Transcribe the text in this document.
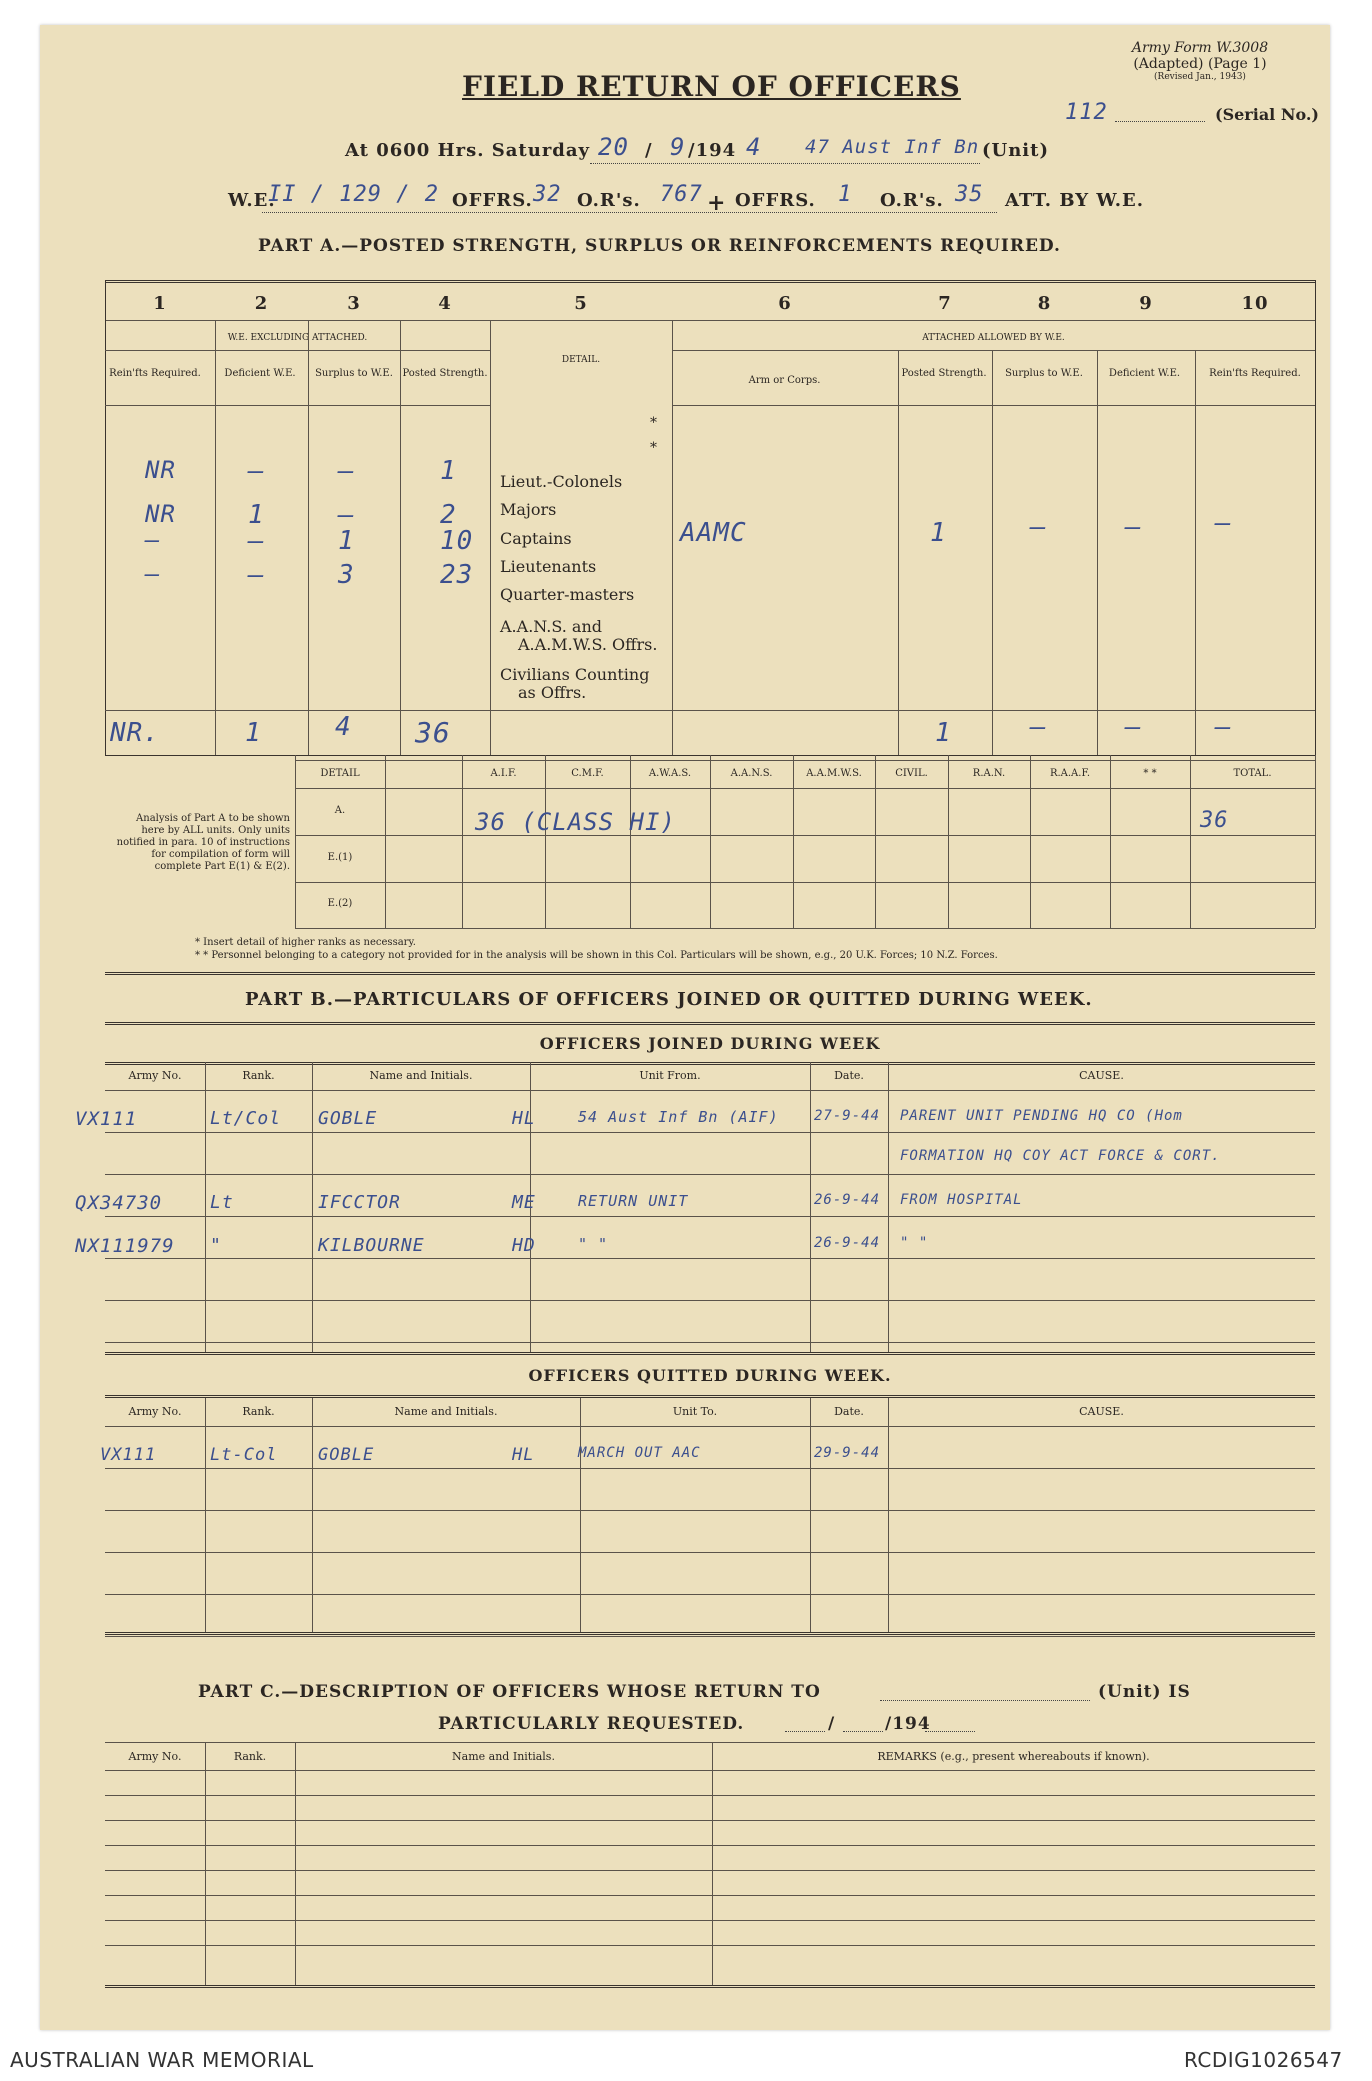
Army Form W.3008
(Adapted) (Page 1)
(Revised Jan., 1943)
112	(Serial No.)
FIELD RETURN OF OFFICERS
At 0600 Hrs. Saturday 20 / 9 /194 4 47 Aust Inf Bn (Unit)
W.E.
II / 129 / 2 OFFRS. 32 O.R's. 767 + OFFRS. 1 O.R's. 35 ATT. BY W.E.
PART A.—POSTED STRENGTH, SURPLUS OR REINFORCEMENTS REQUIRED.
1	2	3	4	5	6	7	8	9	10
W.E. EXCLUDING ATTACHED.	ATTACHED ALLOWED BY W.E.
DETAIL.
Rein'fts Required.	Deficient W.E.	Surplus to W.E. Posted Strength.
Arm or Corps.
Posted Strength.	Surplus to W.E.	Deficient W.E.	Rein'fts Required.
*
*
Lieut.-Colonels
Majors
Captains
Lieutenants
Quarter-masters
A.A.N.S. and
A.A.M.W.S. Offrs.
Civilians Counting
as Offrs.
NR	–	–	1
NR	1	–	2
–	–	1	10
–	–	3	23
AAMC	1	—	—	—
NR.	1	4 36	1	—	—	—
Analysis of Part A to be shown here by ALL units. Only units notified in para. 10 of instructions for compilation of form will complete Part E(1) & E(2).
DETAIL	A.I.F.	C.M.F.	A.W.A.S.	A.A.N.S.	A.A.M.W.S.	CIVIL.	R.A.N.	R.A.A.F.	* *	TOTAL.
A.
E.(1)
E.(2)
36 (CLASS HI)	36
* Insert detail of higher ranks as necessary.
* * Personnel belonging to a category not provided for in the analysis will be shown in this Col. Particulars will be shown, e.g., 20 U.K. Forces; 10 N.Z. Forces.
PART B.—PARTICULARS OF OFFICERS JOINED OR QUITTED DURING WEEK.
OFFICERS JOINED DURING WEEK
Army No.	Rank.	Name and Initials.	Unit From.	Date.	CAUSE.
VX111	Lt/Col GOBLE	HL	54 Aust Inf Bn (AIF)	27-9-44 PARENT UNIT PENDING HQ CO (Hom
FORMATION HQ COY ACT FORCE & CORT.
QX34730	Lt	IFCCTOR	ME	RETURN UNIT	26-9-44 FROM HOSPITAL
NX111979 "	KILBOURNE	HD	" "	26-9-44 " "
OFFICERS QUITTED DURING WEEK.
Army No.	Rank.	Name and Initials.	Unit To.	Date.	CAUSE.
VX111	Lt-Col GOBLE	HL	MARCH OUT AAC	29-9-44
PART C.—DESCRIPTION OF OFFICERS WHOSE RETURN TO	(Unit) IS
PARTICULARLY REQUESTED.	/	/194
Army No.	Rank.	Name and Initials.	REMARKS (e.g., present whereabouts if known).
AUSTRALIAN WAR MEMORIAL	RCDIG1026547
